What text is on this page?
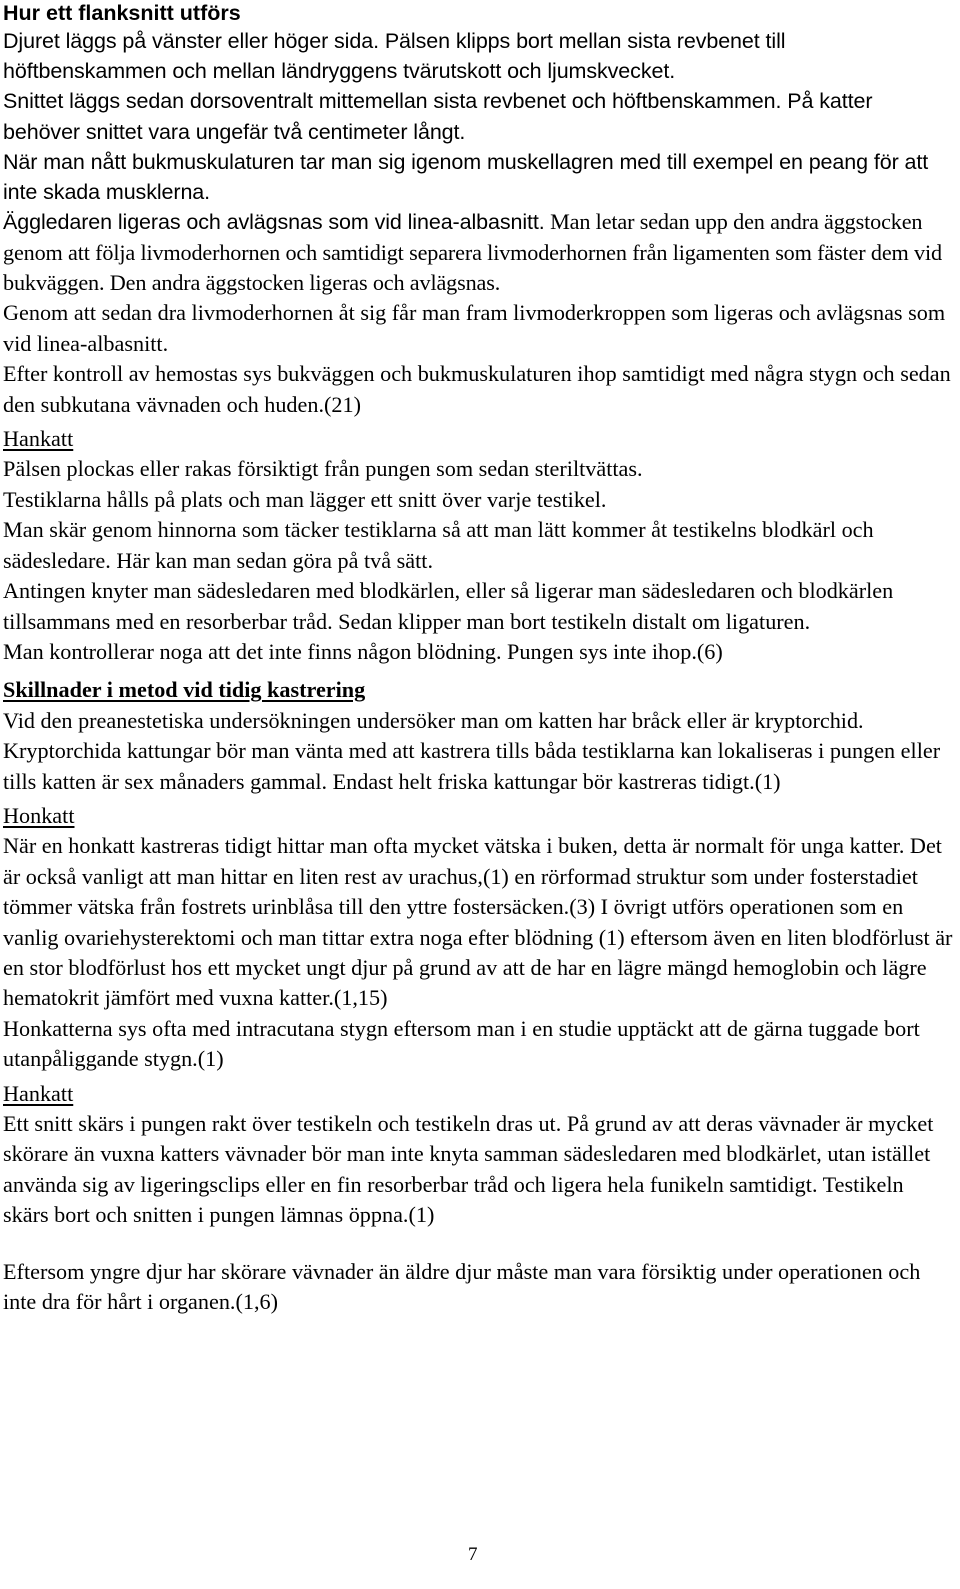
Hur ett flanksnitt utförs

Djuret läggs på vänster eller höger sida. Pälsen klipps bort mellan sista revbenet till höftbenskammen och mellan ländryggens tvärutskott och ljumskvecket.

Snittet läggs sedan dorsoventralt mittemellan sista revbenet och höftbenskammen. På katter behöver snittet vara ungefär två centimeter långt.

När man nått bukmuskulaturen tar man sig igenom muskellagren med till exempel en peang för att inte skada musklerna.

Äggledaren ligeras och avlägsnas som vid linea-albasnitt. Man letar sedan upp den andra äggstocken genom att följa livmoderhornen och samtidigt separera livmoderhornen från ligamenten som fäster dem vid bukväggen. Den andra äggstocken ligeras och avlägsnas.

Genom att sedan dra livmoderhornen åt sig får man fram livmoderkroppen som ligeras och avlägsnas som vid linea-albasnitt.

Efter kontroll av hemostas sys bukväggen och bukmuskulaturen ihop samtidigt med några stygn och sedan den subkutana vävnaden och huden.(21)

Hankatt

Pälsen plockas eller rakas försiktigt från pungen som sedan steriltvättas.

Testiklarna hålls på plats och man lägger ett snitt över varje testikel.

Man skär genom hinnorna som täcker testiklarna så att man lätt kommer åt testikelns blodkärl och sädesledare. Här kan man sedan göra på två sätt.

Antingen knyter man sädesledaren med blodkärlen, eller så ligerar man sädesledaren och blodkärlen tillsammans med en resorberbar tråd. Sedan klipper man bort testikeln distalt om ligaturen.

Man kontrollerar noga att det inte finns någon blödning. Pungen sys inte ihop.(6)

Skillnader i metod vid tidig kastrering

Vid den preanestetiska undersökningen undersöker man om katten har bråck eller är kryptorchid. Kryptorchida kattungar bör man vänta med att kastrera tills båda testiklarna kan lokaliseras i pungen eller tills katten är sex månaders gammal. Endast helt friska kattungar bör kastreras tidigt.(1)

Honkatt

När en honkatt kastreras tidigt hittar man ofta mycket vätska i buken, detta är normalt för unga katter. Det är också vanligt att man hittar en liten rest av urachus,(1) en rörformad struktur som under fosterstadiet tömmer vätska från fostrets urinblåsa till den yttre fostersäcken.(3) I övrigt utförs operationen som en vanlig ovariehysterektomi och man tittar extra noga efter blödning (1) eftersom även en liten blodförlust är en stor blodförlust hos ett mycket ungt djur på grund av att de har en lägre mängd hemoglobin och lägre hematokrit jämfört med vuxna katter.(1,15)

Honkatterna sys ofta med intracutana stygn eftersom man i en studie upptäckt att de gärna tuggade bort utanpåliggande stygn.(1)

Hankatt

Ett snitt skärs i pungen rakt över testikeln och testikeln dras ut. På grund av att deras vävnader är mycket skörare än vuxna katters vävnader bör man inte knyta samman sädesledaren med blodkärlet, utan istället använda sig av ligeringsclips eller en fin resorberbar tråd och ligera hela funikeln samtidigt. Testikeln skärs bort och snitten i pungen lämnas öppna.(1)

Eftersom yngre djur har skörare vävnader än äldre djur måste man vara försiktig under operationen och inte dra för hårt i organen.(1,6)

7
